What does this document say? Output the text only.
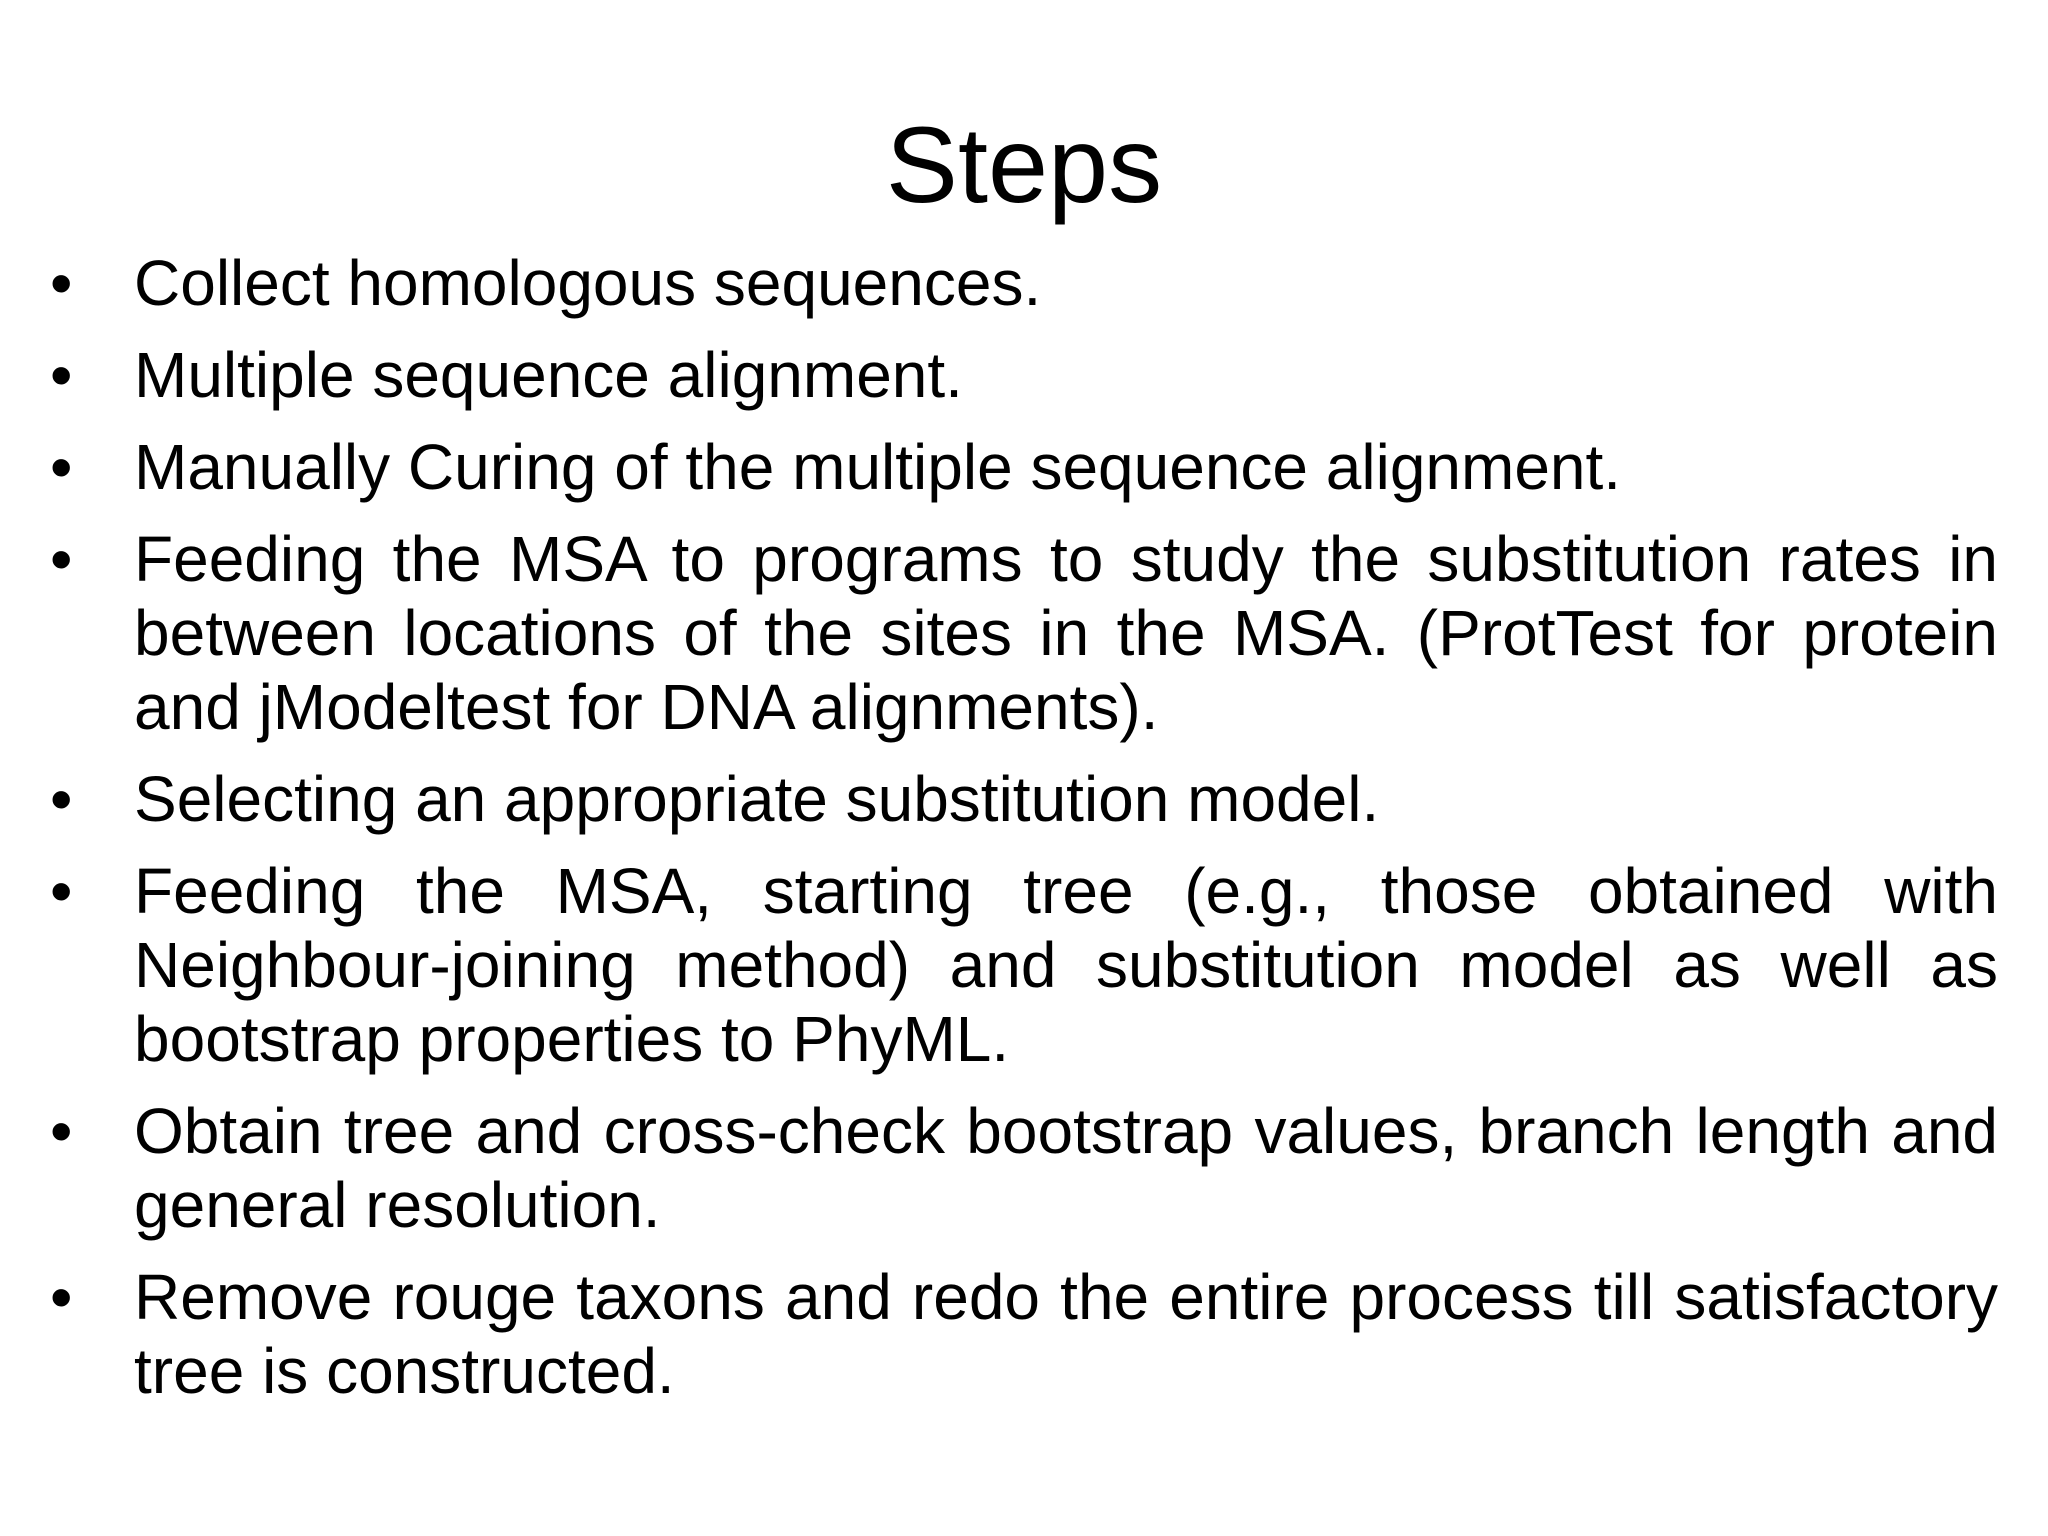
Steps
• Collect homologous sequences.
• Multiple sequence alignment.
• Manually Curing of the multiple sequence alignment.
• Feeding the MSA to programs to study the substitution rates in between locations of the sites in the MSA. (ProtTest for protein and jModeltest for DNA alignments).
• Selecting an appropriate substitution model.
• Feeding the MSA, starting tree (e.g., those obtained with Neighbour-joining method) and substitution model as well as bootstrap properties to PhyML.
• Obtain tree and cross-check bootstrap values, branch length and general resolution.
• Remove rouge taxons and redo the entire process till satisfactory tree is constructed.
